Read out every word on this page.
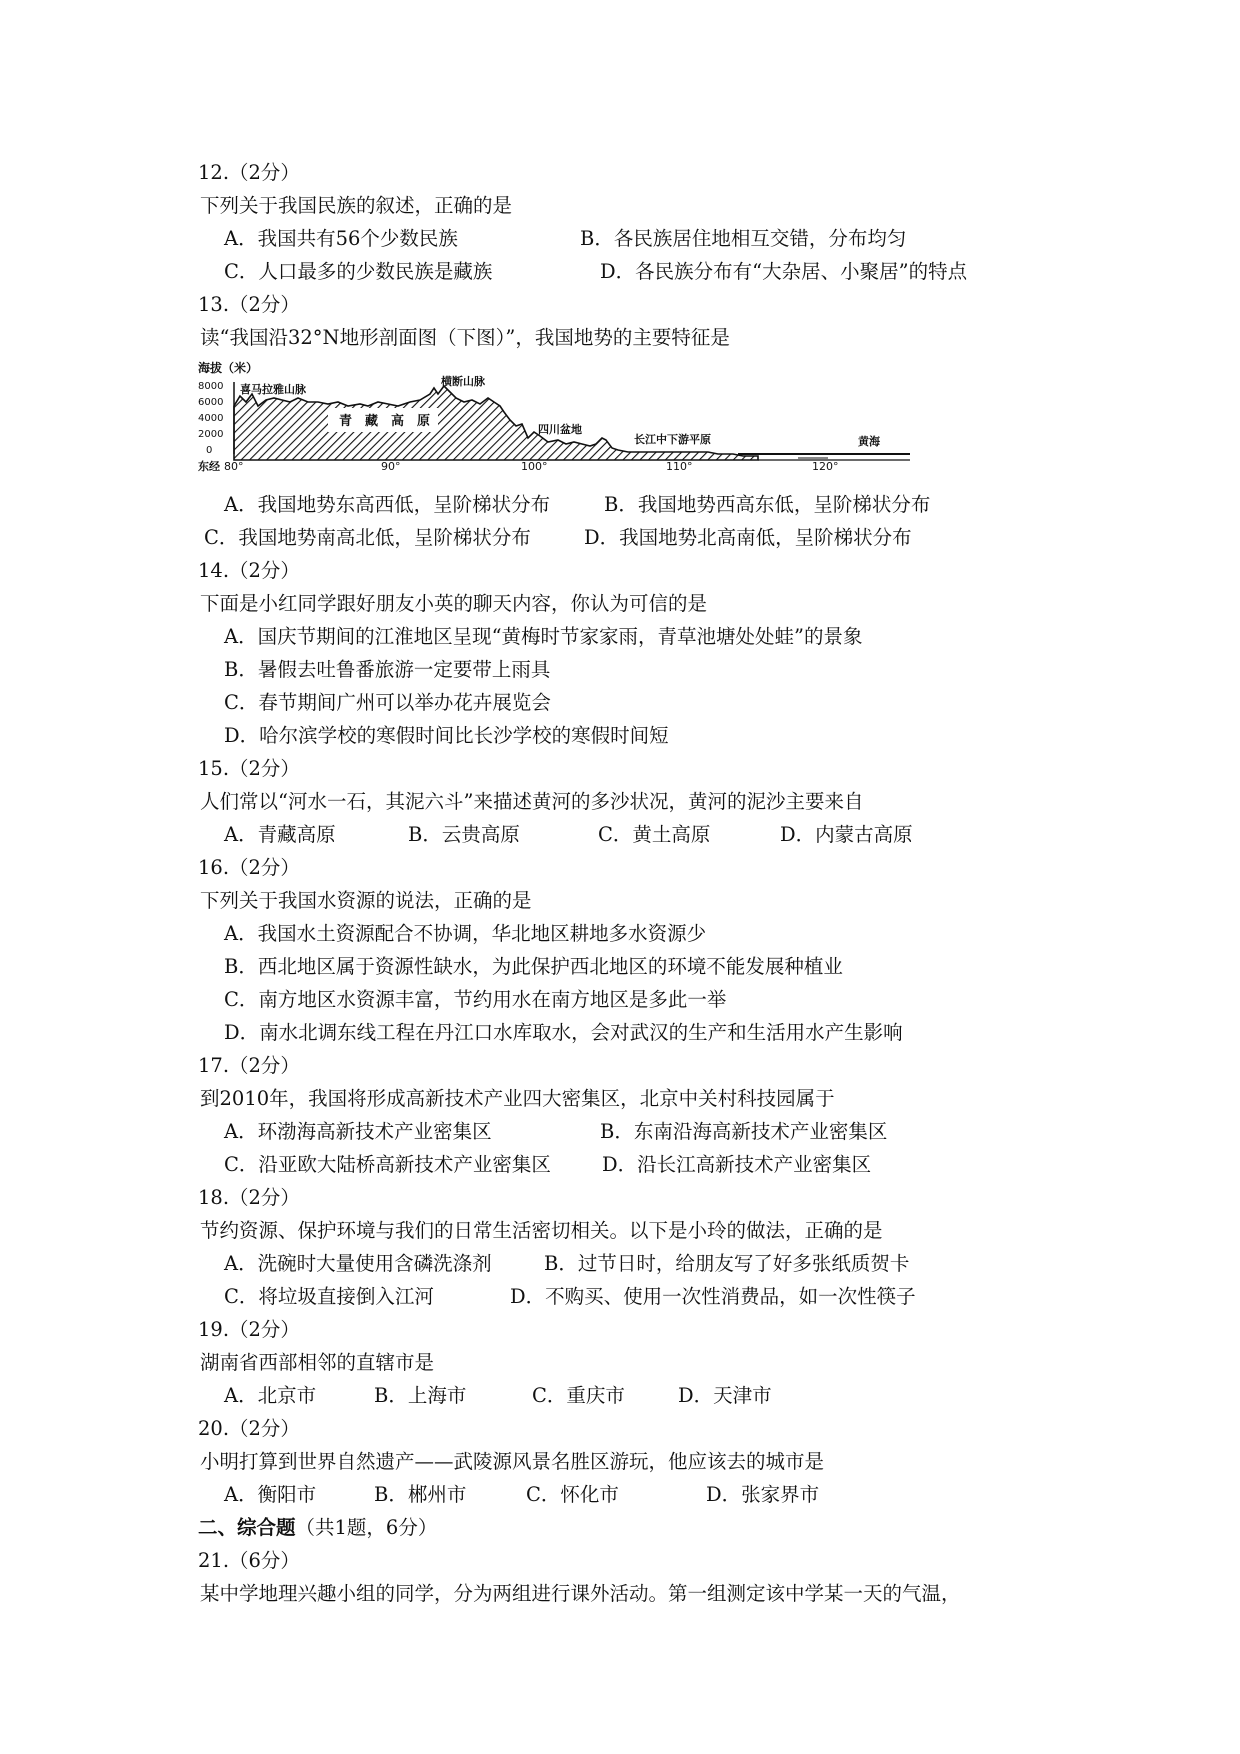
12.（2分）
下列关于我国民族的叙述，正确的是
A．我国共有56个少数民族	B．各民族居住地相互交错，分布均匀
C．人口最多的少数民族是藏族	D．各民族分布有“大杂居、小聚居”的特点
13.（2分）
读“我国沿32°N地形剖面图（下图）”，我国地势的主要特征是
海拔（米）
8000
6000
4000
2000
0
青　藏　高　原
喜马拉雅山脉
横断山脉
四川盆地
长江中下游平原	黄海
东经 80°	90°	100°	110°	120°
A．我国地势东高西低，呈阶梯状分布	B．我国地势西高东低，呈阶梯状分布
C．我国地势南高北低，呈阶梯状分布	D．我国地势北高南低，呈阶梯状分布
14.（2分）
下面是小红同学跟好朋友小英的聊天内容，你认为可信的是
A．国庆节期间的江淮地区呈现“黄梅时节家家雨，青草池塘处处蛙”的景象
B．暑假去吐鲁番旅游一定要带上雨具
C．春节期间广州可以举办花卉展览会
D．哈尔滨学校的寒假时间比长沙学校的寒假时间短
15.（2分）
人们常以“河水一石，其泥六斗”来描述黄河的多沙状况，黄河的泥沙主要来自
A．青藏高原	B．云贵高原	C．黄土高原	D．内蒙古高原
16.（2分）
下列关于我国水资源的说法，正确的是
A．我国水土资源配合不协调，华北地区耕地多水资源少
B．西北地区属于资源性缺水，为此保护西北地区的环境不能发展种植业
C．南方地区水资源丰富，节约用水在南方地区是多此一举
D．南水北调东线工程在丹江口水库取水，会对武汉的生产和生活用水产生影响
17.（2分）
到2010年，我国将形成高新技术产业四大密集区，北京中关村科技园属于
A．环渤海高新技术产业密集区	B．东南沿海高新技术产业密集区
C．沿亚欧大陆桥高新技术产业密集区	D．沿长江高新技术产业密集区
18.（2分）
节约资源、保护环境与我们的日常生活密切相关。以下是小玲的做法，正确的是
A．洗碗时大量使用含磷洗涤剂	B．过节日时，给朋友写了好多张纸质贺卡
C．将垃圾直接倒入江河	D．不购买、使用一次性消费品，如一次性筷子
19.（2分）
湖南省西部相邻的直辖市是
A．北京市	B．上海市	C．重庆市	D．天津市
20.（2分）
小明打算到世界自然遗产——武陵源风景名胜区游玩，他应该去的城市是
A．衡阳市	B．郴州市	C．怀化市	D．张家界市
二、综合题（共1题，6分）
21.（6分）
某中学地理兴趣小组的同学，分为两组进行课外活动。第一组测定该中学某一天的气温，
